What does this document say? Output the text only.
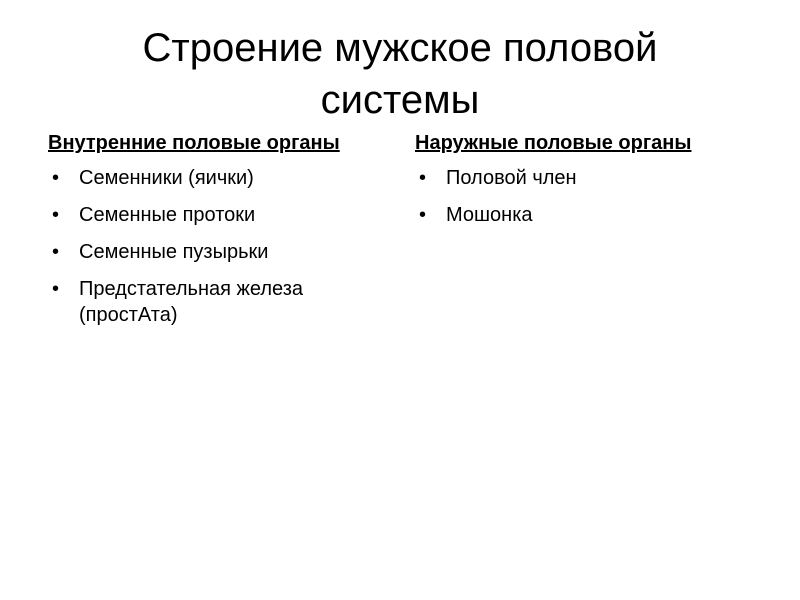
Строение мужское половой системы
Внутренние половые органы
• Семенники (яички)
• Семенные протоки
• Семенные пузырьки
• Предстательная железа (простАта)
Наружные половые органы
• Половой член
• Мошонка
